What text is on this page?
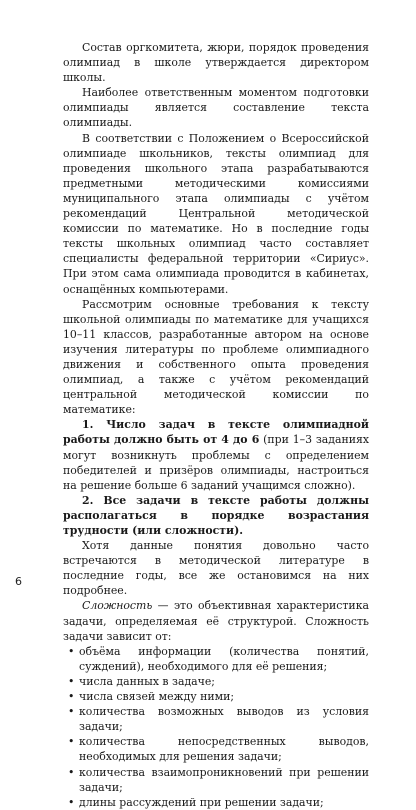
Состав оргкомитета, жюри, порядок проведения олимпиад в школе утверждается директором школы.

Наиболее ответственным моментом подготовки олимпиады является составление текста олимпиады.

В соответствии с Положением о Всероссийской олимпиаде школьников, тексты олимпиад для проведения школьного этапа разрабатываются предметными методическими комиссиями муниципального этапа олимпиады с учётом рекомендаций Центральной методической комиссии по математике. Но в последние годы тексты школьных олимпиад часто составляет специалисты федеральной территории «Сириус». При этом сама олимпиада проводится в кабинетах, оснащённых компьютерами.

Рассмотрим основные требования к тексту школьной олимпиады по математике для учащихся 10–11 классов, разработанные автором на основе изучения литературы по проблеме олимпиадного движения и собственного опыта проведения олимпиад, а также с учётом рекомендаций центральной методической комиссии по математике:

1. Число задач в тексте олимпиадной работы должно быть от 4 до 6 (при 1–3 заданиях могут возникнуть проблемы с определением победителей и призёров олимпиады, настроиться на решение больше 6 заданий учащимся сложно).

2. Все задачи в тексте работы должны располагаться в порядке возрастания трудности (или сложности).

Хотя данные понятия довольно часто встречаются в методической литературе в последние годы, все же остановимся на них подробнее.

Сложность — это объективная характеристика задачи, определяемая её структурой. Сложность задачи зависит от:

• объёма информации (количества понятий, суждений), необходимого для её решения;
• числа данных в задаче;
• числа связей между ними;
• количества возможных выводов из условия задачи;
• количества непосредственных выводов, необходимых для решения задачи;
• количества взаимопроникновений при решении задачи;
• длины рассуждений при решении задачи;
6
